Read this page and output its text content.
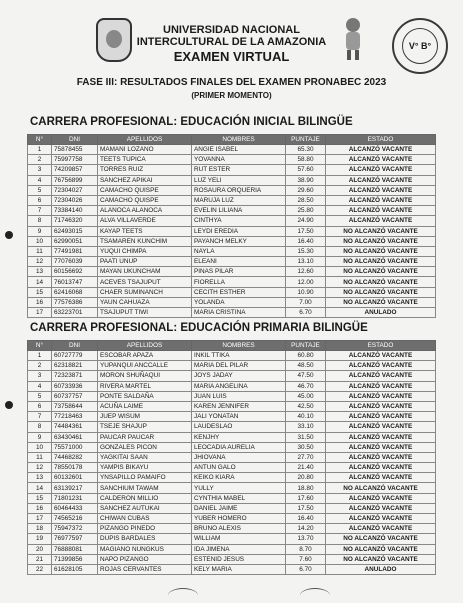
V° B°
UNIVERSIDAD NACIONAL
INTERCULTURAL DE LA AMAZONIA
EXAMEN VIRTUAL
FASE III: RESULTADOS FINALES DEL EXAMEN PRONABEC 2023
(PRIMER MOMENTO)
CARRERA PROFESIONAL: EDUCACIÓN INICIAL BILINGÜE
N°	DNI	APELLIDOS	NOMBRES	PUNTAJE	ESTADO
1	75878455	MAMANI LOZANO	ANGIE ISABEL	65.30	ALCANZÓ VACANTE
2	75997758	TEETS TUPICA	YOVANNA	58.80	ALCANZÓ VACANTE
3	74209857	TORRES RUIZ	RUT ESTER	57.60	ALCANZÓ VACANTE
4	76756899	SANCHEZ APIKAI	LUZ YELI	38.90	ALCANZÓ VACANTE
5	72304027	CAMACHO QUISPE	ROSAURA ORQUERIA	29.60	ALCANZÓ VACANTE
6	72304026	CAMACHO QUISPE	MARUJA LUZ	28.50	ALCANZÓ VACANTE
7	73384140	ALANOCA ALANOCA	EVELIN LILIANA	25.80	ALCANZÓ VACANTE
8	71746320	ALVA VILLAVERDE	CINTHYA	24.90	ALCANZÓ VACANTE
9	62493015	KAYAP TEETS	LEYDI EREDIA	17.50	NO ALCANZÓ VACANTE
10	62990051	TSAMAREN KUNCHIM	PAYANCH MELKY	16.40	NO ALCANZÓ VACANTE
11	77491981	YUQUI CHIMPA	NAYLA	15.30	NO ALCANZÓ VACANTE
12	77076039	PAATI UNUP	ELEANI	13.10	NO ALCANZÓ VACANTE
13	60156692	MAYAN UKUNCHAM	PINAS PILAR	12.60	NO ALCANZÓ VACANTE
14	76013747	ACEVES TSAJUPUT	FIORELLA	12.00	NO ALCANZÓ VACANTE
15	62416068	CHAER SUMINANCH	CECITH ESTHER	10.90	NO ALCANZÓ VACANTE
16	77576386	YAUN CAHUAZA	YOLANDA	7.00	NO ALCANZÓ VACANTE
17	63223701	TSAJUPUT TIWI	MARIA CRISTINA	6.70	ANULADO
CARRERA PROFESIONAL: EDUCACIÓN PRIMARIA BILINGÜE
N°	DNI	APELLIDOS	NOMBRES	PUNTAJE	ESTADO
1	60727779	ESCOBAR APAZA	INKIL TTIKA	60.80	ALCANZÓ VACANTE
2	62318821	YUPANQUI ANCCALLE	MARIA DEL PILAR	48.50	ALCANZÓ VACANTE
3	72323871	MORON SHUÑAQUI	JOYS JADAY	47.50	ALCANZÓ VACANTE
4	60733936	RIVERA MARTEL	MARIA ANGELINA	46.70	ALCANZÓ VACANTE
5	60737757	PONTE SALDAÑA	JUAN LUIS	45.00	ALCANZÓ VACANTE
6	73758644	ACUÑA LAIME	KAREN JENNIFER	42.50	ALCANZÓ VACANTE
7	77218463	JUEP WISUM	JALI YONATAN	40.10	ALCANZÓ VACANTE
8	74484361	TSEJE SHAJUP	LAUDESLAO	33.10	ALCANZÓ VACANTE
9	63430461	PAUCAR PAUCAR	KENJHY	31.50	ALCANZÓ VACANTE
10	75571000	GONZALES PICON	LEOCADIA AURELIA	30.50	ALCANZÓ VACANTE
11	74468282	YAGKITAI SAAN	JHIOVANA	27.70	ALCANZÓ VACANTE
12	78550178	YAMPIS BIKAYU	ANTUN GALO	21.40	ALCANZÓ VACANTE
13	60132601	YNSAPILLO PAMAIFO	KEIKO KIARA	20.80	ALCANZÓ VACANTE
14	63139217	SANCHIUM TAWAM	YULLY	18.80	NO ALCANZÓ VACANTE
15	71801231	CALDERON MILLIO	CYNTHIA MABEL	17.60	ALCANZÓ VACANTE
16	60464433	SANCHEZ AUTUKAI	DANIEL JAIME	17.50	ALCANZÓ VACANTE
17	74565216	CHIWAN CUBAS	YUBER HOMERO	16.40	ALCANZÓ VACANTE
18	75947372	PIZANGO PINEDO	BRUNO ALEXIS	14.20	ALCANZÓ VACANTE
19	76977597	DUPIS BARDALES	WILLIAM	13.70	NO ALCANZÓ VACANTE
20	76888081	MAGIANO NUNGKUS	IDA JIMENA	8.70	NO ALCANZÓ VACANTE
21	71399856	NAPO PIZANGO	ESTENID JESUS	7.60	NO ALCANZÓ VACANTE
22	61628105	ROJAS CERVANTES	KELY MARIA	6.70	ANULADO
